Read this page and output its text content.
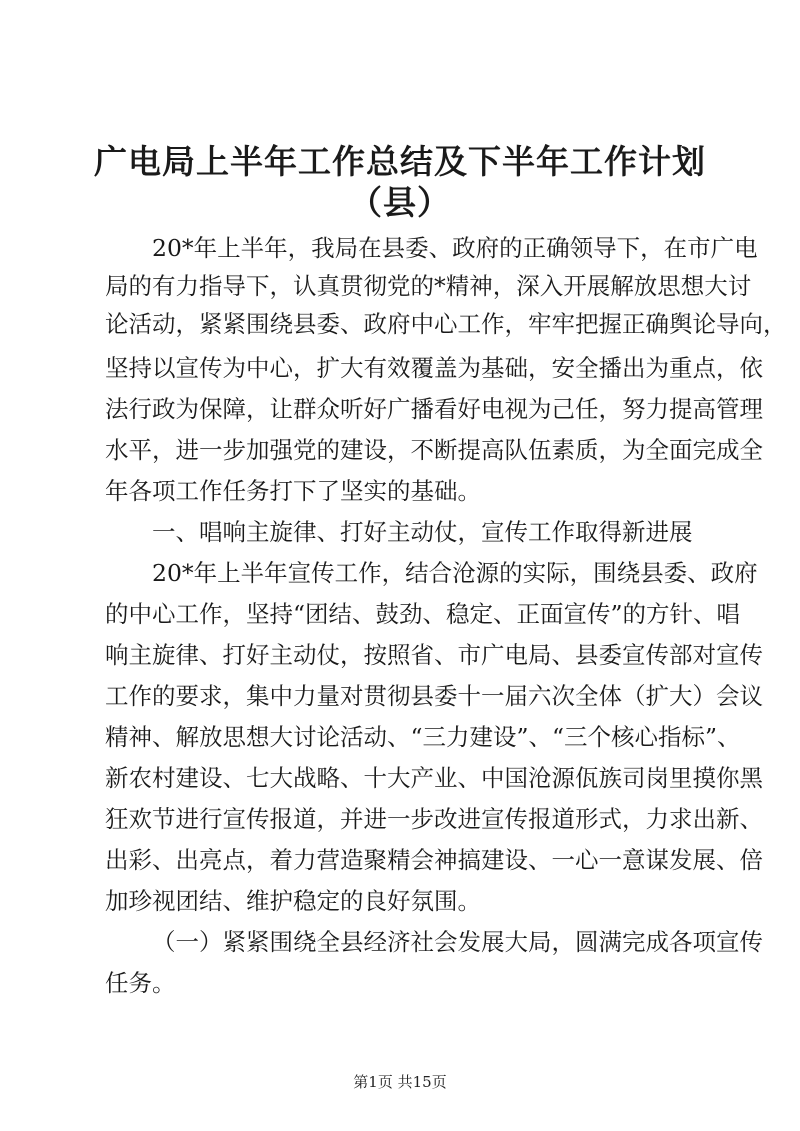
广电局上半年工作总结及下半年工作计划
（县）
20*年上半年，我局在县委、政府的正确领导下，在市广电
局的有力指导下，认真贯彻党的*精神，深入开展解放思想大讨
论活动，紧紧围绕县委、政府中心工作，牢牢把握正确舆论导向，
坚持以宣传为中心，扩大有效覆盖为基础，安全播出为重点，依
法行政为保障，让群众听好广播看好电视为己任，努力提高管理
水平，进一步加强党的建设，不断提高队伍素质，为全面完成全
年各项工作任务打下了坚实的基础。
一、唱响主旋律、打好主动仗，宣传工作取得新进展
20*年上半年宣传工作，结合沧源的实际，围绕县委、政府
的中心工作，坚持“团结、鼓劲、稳定、正面宣传”的方针、唱
响主旋律、打好主动仗，按照省、市广电局、县委宣传部对宣传
工作的要求，集中力量对贯彻县委十一届六次全体（扩大）会议
精神、解放思想大讨论活动、“三力建设”、“三个核心指标”、
新农村建设、七大战略、十大产业、中国沧源佤族司岗里摸你黑
狂欢节进行宣传报道，并进一步改进宣传报道形式，力求出新、
出彩、出亮点，着力营造聚精会神搞建设、一心一意谋发展、倍
加珍视团结、维护稳定的良好氛围。
（一）紧紧围绕全县经济社会发展大局，圆满完成各项宣传
任务。
第1页 共15页
